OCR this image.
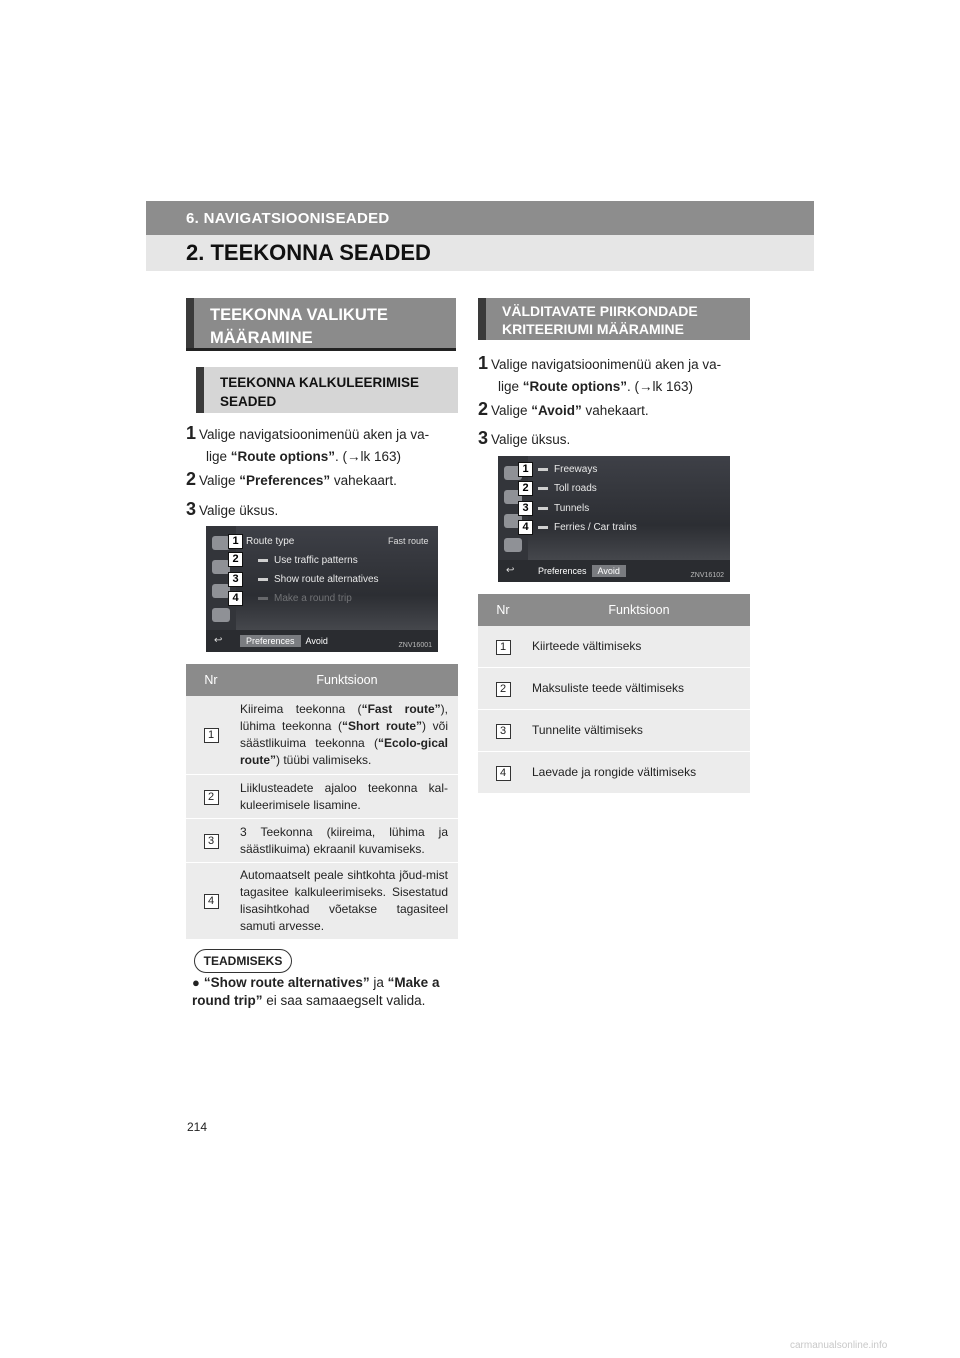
6. NAVIGATSIOONISEADED
2. TEEKONNA SEADED
TEEKONNA VALIKUTE
MÄÄRAMINE
TEEKONNA KALKULEERIMISE
SEADED
1 Valige navigatsioonimenüü aken ja va-
lige “Route options”. (→lk 163)
2 Valige “Preferences” vahekaart.
3 Valige üksus.
1
2
3
4
Route type
Use traffic patterns
Show route alternatives
Make a round trip
Fast route
↩	Preferences Avoid	ZNV16001
Nr	Funktsioon
1	Kiireima teekonna (“Fast route”), lühima teekonna (“Short route”) või säästlikuima teekonna (“Ecolo-gical route”) tüübi valimiseks.
2	Liiklusteadete ajaloo teekonna kal-kuleerimisele lisamine.
3	3 Teekonna (kiireima, lühima ja säästlikuima) ekraanil kuvamiseks.
4	Automaatselt peale sihtkohta jõud-mist tagasitee kalkuleerimiseks. Sisestatud lisasihtkohad võetakse tagasiteel samuti arvesse.
TEADMISEKS
● “Show route alternatives” ja “Make a round trip” ei saa samaaegselt valida.
VÄLDITAVATE PIIRKONDADE
KRITEERIUMI MÄÄRAMINE
1 Valige navigatsioonimenüü aken ja va-
lige “Route options”. (→lk 163)
2 Valige “Avoid” vahekaart.
3 Valige üksus.
1
2
3
4
Freeways
Toll roads
Tunnels
Ferries / Car trains
↩	Preferences Avoid	ZNV16102
Nr	Funktsioon
1	Kiirteede vältimiseks
2	Maksuliste teede vältimiseks
3	Tunnelite vältimiseks
4	Laevade ja rongide vältimiseks
214
carmanualsonline.info
